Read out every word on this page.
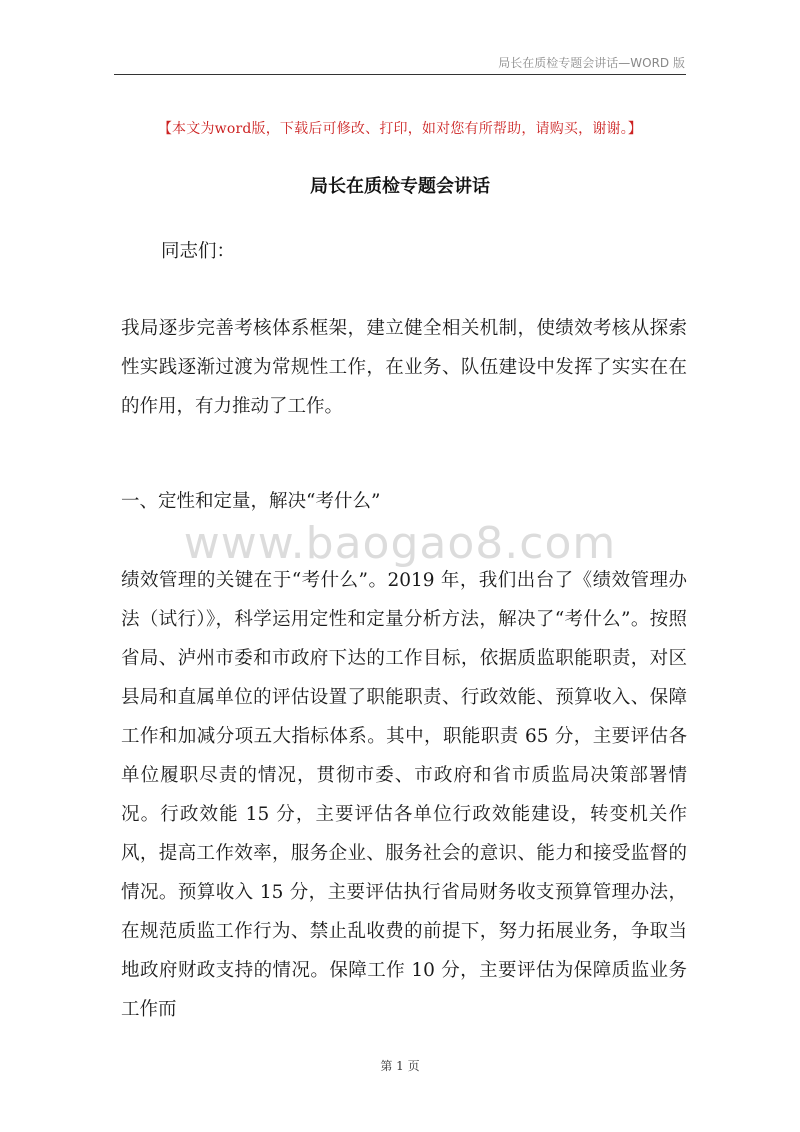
局长在质检专题会讲话—WORD 版
【本文为word版，下载后可修改、打印，如对您有所帮助，请购买，谢谢。】
局长在质检专题会讲话

同志们：

我局逐步完善考核体系框架，建立健全相关机制，使绩效考核从探索性实践逐渐过渡为常规性工作，在业务、队伍建设中发挥了实实在在的作用，有力推动了工作。

一、定性和定量，解决“考什么”

www.baogao8.com

绩效管理的关键在于“考什么”。2019 年，我们出台了《绩效管理办法（试行）》，科学运用定性和定量分析方法，解决了“考什么”。按照省局、泸州市委和市政府下达的工作目标，依据质监职能职责，对区县局和直属单位的评估设置了职能职责、行政效能、预算收入、保障工作和加减分项五大指标体系。其中，职能职责 65 分，主要评估各单位履职尽责的情况，贯彻市委、市政府和省市质监局决策部署情况。行政效能 15 分，主要评估各单位行政效能建设，转变机关作风，提高工作效率，服务企业、服务社会的意识、能力和接受监督的情况。预算收入 15 分，主要评估执行省局财务收支预算管理办法，在规范质监工作行为、禁止乱收费的前提下，努力拓展业务，争取当地政府财政支持的情况。保障工作 10 分，主要评估为保障质监业务工作而

第 1 页
